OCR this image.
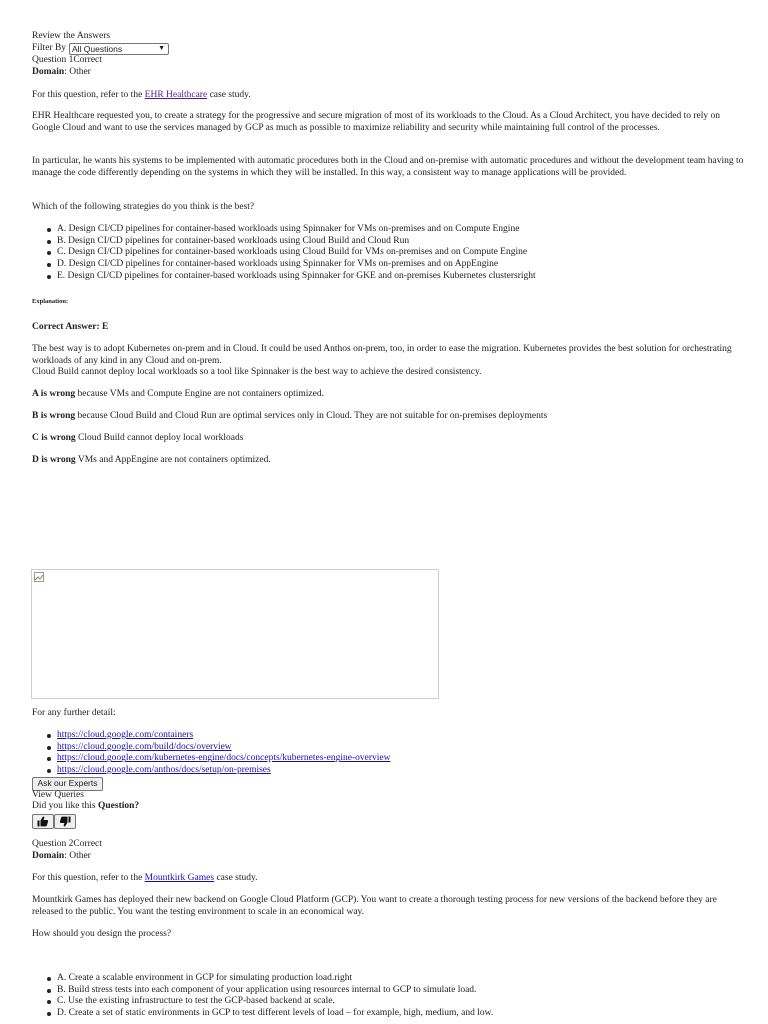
Review the Answers
Filter By All Questions	▼
Question 1Correct
Domain: Other
For this question, refer to the EHR Healthcare case study.
EHR Healthcare requested you, to create a strategy for the progressive and secure migration of most of its workloads to the Cloud. As a Cloud Architect, you have decided to rely on Google Cloud and want to use the services managed by GCP as much as possible to maximize reliability and security while maintaining full control of the processes.
In particular, he wants his systems to be implemented with automatic procedures both in the Cloud and on-premise with automatic procedures and without the development team having to manage the code differently depending on the systems in which they will be installed. In this way, a consistent way to manage applications will be provided.
Which of the following strategies do you think is the best?
A. Design CI/CD pipelines for container-based workloads using Spinnaker for VMs on-premises and on Compute Engine
B. Design CI/CD pipelines for container-based workloads using Cloud Build and Cloud Run
C. Design CI/CD pipelines for container-based workloads using Cloud Build for VMs on-premises and on Compute Engine
D. Design CI/CD pipelines for container-based workloads using Spinnaker for VMs on-premises and on AppEngine
E. Design CI/CD pipelines for container-based workloads using Spinnaker for GKE and on-premises Kubernetes clustersright
Explanation:
Correct Answer: E
The best way is to adopt Kubernetes on-prem and in Cloud. It could be used Anthos on-prem, too, in order to ease the migration. Kubernetes provides the best solution for orchestrating workloads of any kind in any Cloud and on-prem.
Cloud Build cannot deploy local workloads so a tool like Spinnaker is the best way to achieve the desired consistency.
A is wrong because VMs and Compute Engine are not containers optimized.
B is wrong because Cloud Build and Cloud Run are optimal services only in Cloud. They are not suitable for on-premises deployments
C is wrong Cloud Build cannot deploy local workloads
D is wrong VMs and AppEngine are not containers optimized.
For any further detail:
https://cloud.google.com/containers
https://cloud.google.com/build/docs/overview
https://cloud.google.com/kubernetes-engine/docs/concepts/kubernetes-engine-overview
https://cloud.google.com/anthos/docs/setup/on-premises
Ask our Experts
View Queries
Did you like this Question?
Question 2Correct
Domain: Other
For this question, refer to the Mountkirk Games case study.
Mountkirk Games has deployed their new backend on Google Cloud Platform (GCP). You want to create a thorough testing process for new versions of the backend before they are released to the public. You want the testing environment to scale in an economical way.
How should you design the process?
A. Create a scalable environment in GCP for simulating production load.right
B. Build stress tests into each component of your application using resources internal to GCP to simulate load.
C. Use the existing infrastructure to test the GCP-based backend at scale.
D. Create a set of static environments in GCP to test different levels of load – for example, high, medium, and low.
